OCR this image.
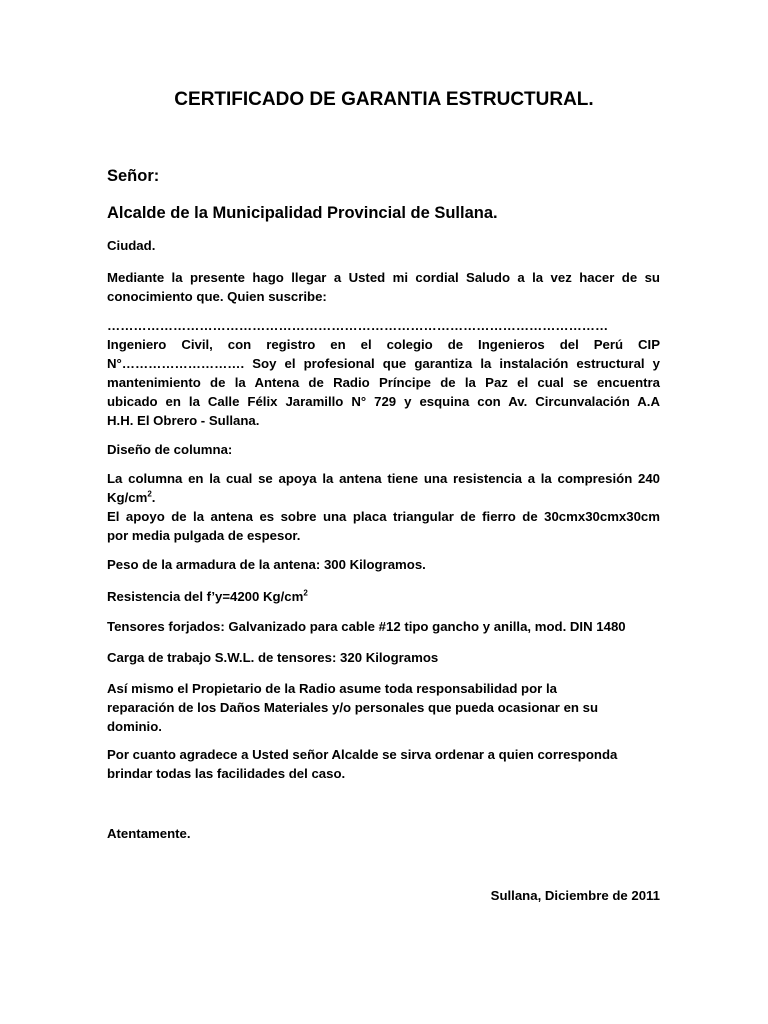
CERTIFICADO DE GARANTIA ESTRUCTURAL.
Señor:
Alcalde de la Municipalidad Provincial de Sullana.
Ciudad.
Mediante la presente hago llegar a Usted mi cordial Saludo a la vez hacer de su
conocimiento que. Quien suscribe:
……………………………………………………………………………………………………
Ingeniero Civil, con registro en el colegio de Ingenieros del Perú CIP
N°………………………. Soy el profesional que garantiza la instalación estructural y
mantenimiento de la Antena de Radio Príncipe de la Paz el cual se encuentra
ubicado en la Calle Félix Jaramillo N° 729 y esquina con Av. Circunvalación A.A
H.H. El Obrero - Sullana.
Diseño de columna:
La columna en la cual se apoya la antena tiene una resistencia a la compresión 240
$Kg/cm^2$.
El apoyo de la antena es sobre una placa triangular de fierro de 30cmx30cmx30cm
por media pulgada de espesor.
Peso de la armadura de la antena: 300 Kilogramos.
Resistencia del f’y=4200 $Kg/cm^2$
Tensores forjados: Galvanizado para cable #12 tipo gancho y anilla, mod. DIN 1480
Carga de trabajo S.W.L. de tensores: 320 Kilogramos
Así mismo el Propietario de la Radio asume toda responsabilidad por la
reparación de los Daños Materiales y/o personales que pueda ocasionar en su
dominio.
Por cuanto agradece a Usted señor Alcalde se sirva ordenar a quien corresponda
brindar todas las facilidades del caso.
Atentamente.
Sullana, Diciembre de 2011
